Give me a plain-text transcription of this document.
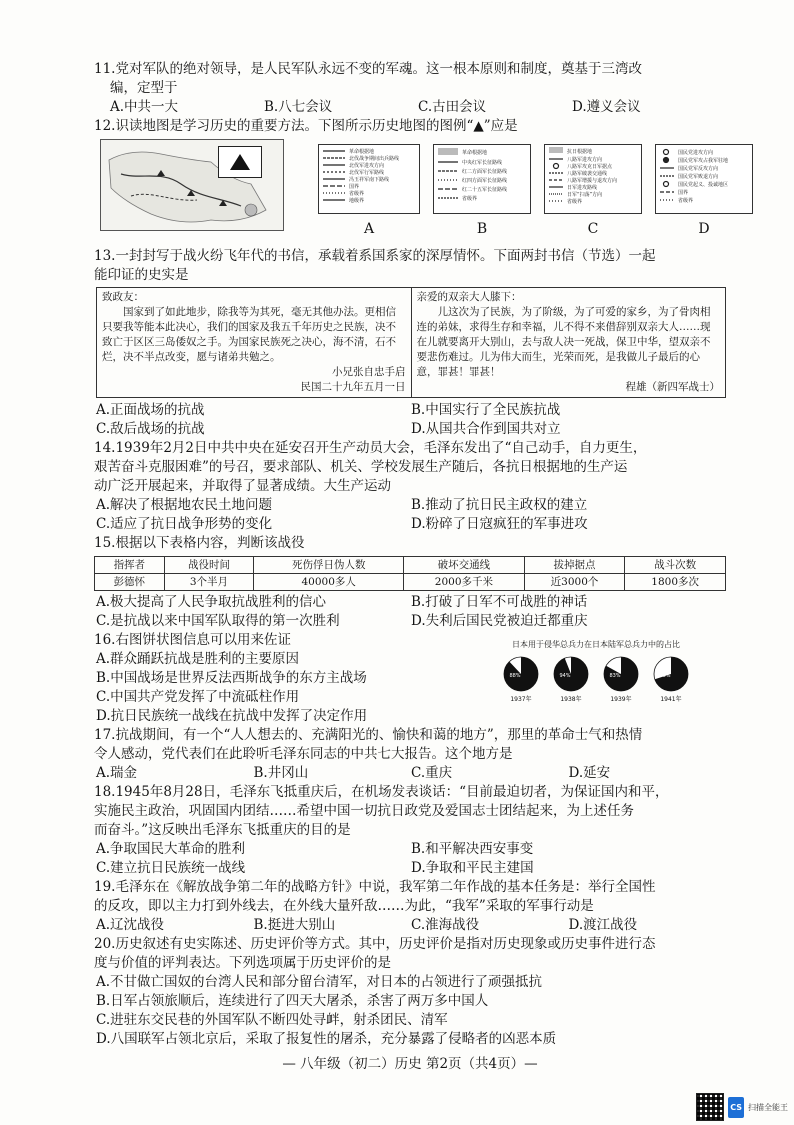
11.党对军队的绝对领导，是人民军队永远不变的军魂。这一根本原则和制度，奠基于三湾改

编，定型于

A.中共一大	B.八七会议	C.古田会议	D.遵义会议

12.识读地图是学习历史的重要方法。下图所示历史地图的图例“▲”应是

革命根据地
北伐战争期间出兵路线
北伐军进攻方向
北伐军行军路线
冯玉祥军南下路线
国界
省级界
地级界
A
革命根据地
中央红军长征路线
红二方面军长征路线
红四方面军长征路线
红二十五军长征路线
省级界
B
抗日根据地
八路军进攻方向
八路军攻克日军据点
八路军破袭交通线
八路军增援与退攻方向
日军进攻路线
日军“扫荡”方向
省级界
C
国民党进攻方向
国民党军攻占我军驻地
国民党军反攻方向
国民党军败退方向
国民党起义、投诚地区
国界
省级界
D

13.一封封写于战火纷飞年代的书信，承载着系国系家的深厚情怀。下面两封书信（节选）一起

能印证的史实是

致政友：
国家到了如此地步，除我等为其死，毫无其他办法。更相信只要我等能本此决心，我们的国家及我五千年历史之民族，决不致亡于区区三岛倭奴之手。为国家民族死之决心，海不清，石不烂，决不半点改变，愿与诸弟共勉之。
小兄张自忠手启
民国二十九年五月一日
亲爱的双亲大人膝下：
儿这次为了民族，为了阶级，为了可爱的家乡，为了骨肉相连的弟妹，求得生存和幸福，儿不得不来借辞别双亲大人……现在儿就要离开大别山，去与敌人决一死战，保卫中华，望双亲不要悲伤难过。儿为伟大而生，光荣而死，是我做儿子最后的心意，罪甚！罪甚！
程雄（新四军战士）
A.正面战场的抗战	B.中国实行了全民族抗战
C.敌后战场的抗战	D.从国共合作到国共对立

14.1939年2月2日中共中央在延安召开生产动员大会，毛泽东发出了“自己动手，自力更生，

艰苦奋斗克服困难”的号召，要求部队、机关、学校发展生产随后，各抗日根据地的生产运

动广泛开展起来，并取得了显著成绩。大生产运动

A.解决了根据地农民土地问题	B.推动了抗日民主政权的建立
C.适应了抗日战争形势的变化	D.粉碎了日寇疯狂的军事进攻

15.根据以下表格内容，判断该战役

指挥者	战役时间	死伤俘日伪人数	破坏交通线	拔掉据点	战斗次数
彭德怀	3个半月	40000多人	2000多千米	近3000个	1800多次
A.极大提高了人民争取抗战胜利的信心	B.打破了日军不可战胜的神话
C.是抗战以来中国军队取得的第一次胜利	D.失利后国民党被迫迁都重庆

16.右图饼状图信息可以用来佐证

A.群众踊跃抗战是胜利的主要原因
B.中国战场是世界反法西斯战争的东方主战场
C.中国共产党发挥了中流砥柱作用
D.抗日民族统一战线在抗战中发挥了决定作用
日本用于侵华总兵力在日本陆军总兵力中的占比
88%
1937年
94%
1938年
83%
1939年
70%
1941年

17.抗战期间，有一个“人人想去的、充满阳光的、愉快和蔼的地方”，那里的革命士气和热情

令人感动，党代表们在此聆听毛泽东同志的中共七大报告。这个地方是

A.瑞金	B.井冈山	C.重庆	D.延安

18.1945年8月28日，毛泽东飞抵重庆后，在机场发表谈话：“目前最迫切者，为保证国内和平，

实施民主政治，巩固国内团结……希望中国一切抗日政党及爱国志士团结起来，为上述任务

而奋斗。”这反映出毛泽东飞抵重庆的目的是

A.争取国民大革命的胜利	B.和平解决西安事变
C.建立抗日民族统一战线	D.争取和平民主建国

19.毛泽东在《解放战争第二年的战略方针》中说，我军第二年作战的基本任务是：举行全国性

的反攻，即以主力打到外线去，在外线大量歼敌……为此，“我军”采取的军事行动是

A.辽沈战役	B.挺进大别山	C.淮海战役	D.渡江战役

20.历史叙述有史实陈述、历史评价等方式。其中，历史评价是指对历史现象或历史事件进行态

度与价值的评判表达。下列选项属于历史评价的是

A.不甘做亡国奴的台湾人民和部分留台清军，对日本的占领进行了顽强抵抗
B.日军占领旅顺后，连续进行了四天大屠杀，杀害了两万多中国人
C.进驻东交民巷的外国军队不断四处寻衅，射杀团民、清军
D.八国联军占领北京后，采取了报复性的屠杀，充分暴露了侵略者的凶恶本质
— 八年级（初二）历史 第2页（共4页）—
CS 扫描全能王
